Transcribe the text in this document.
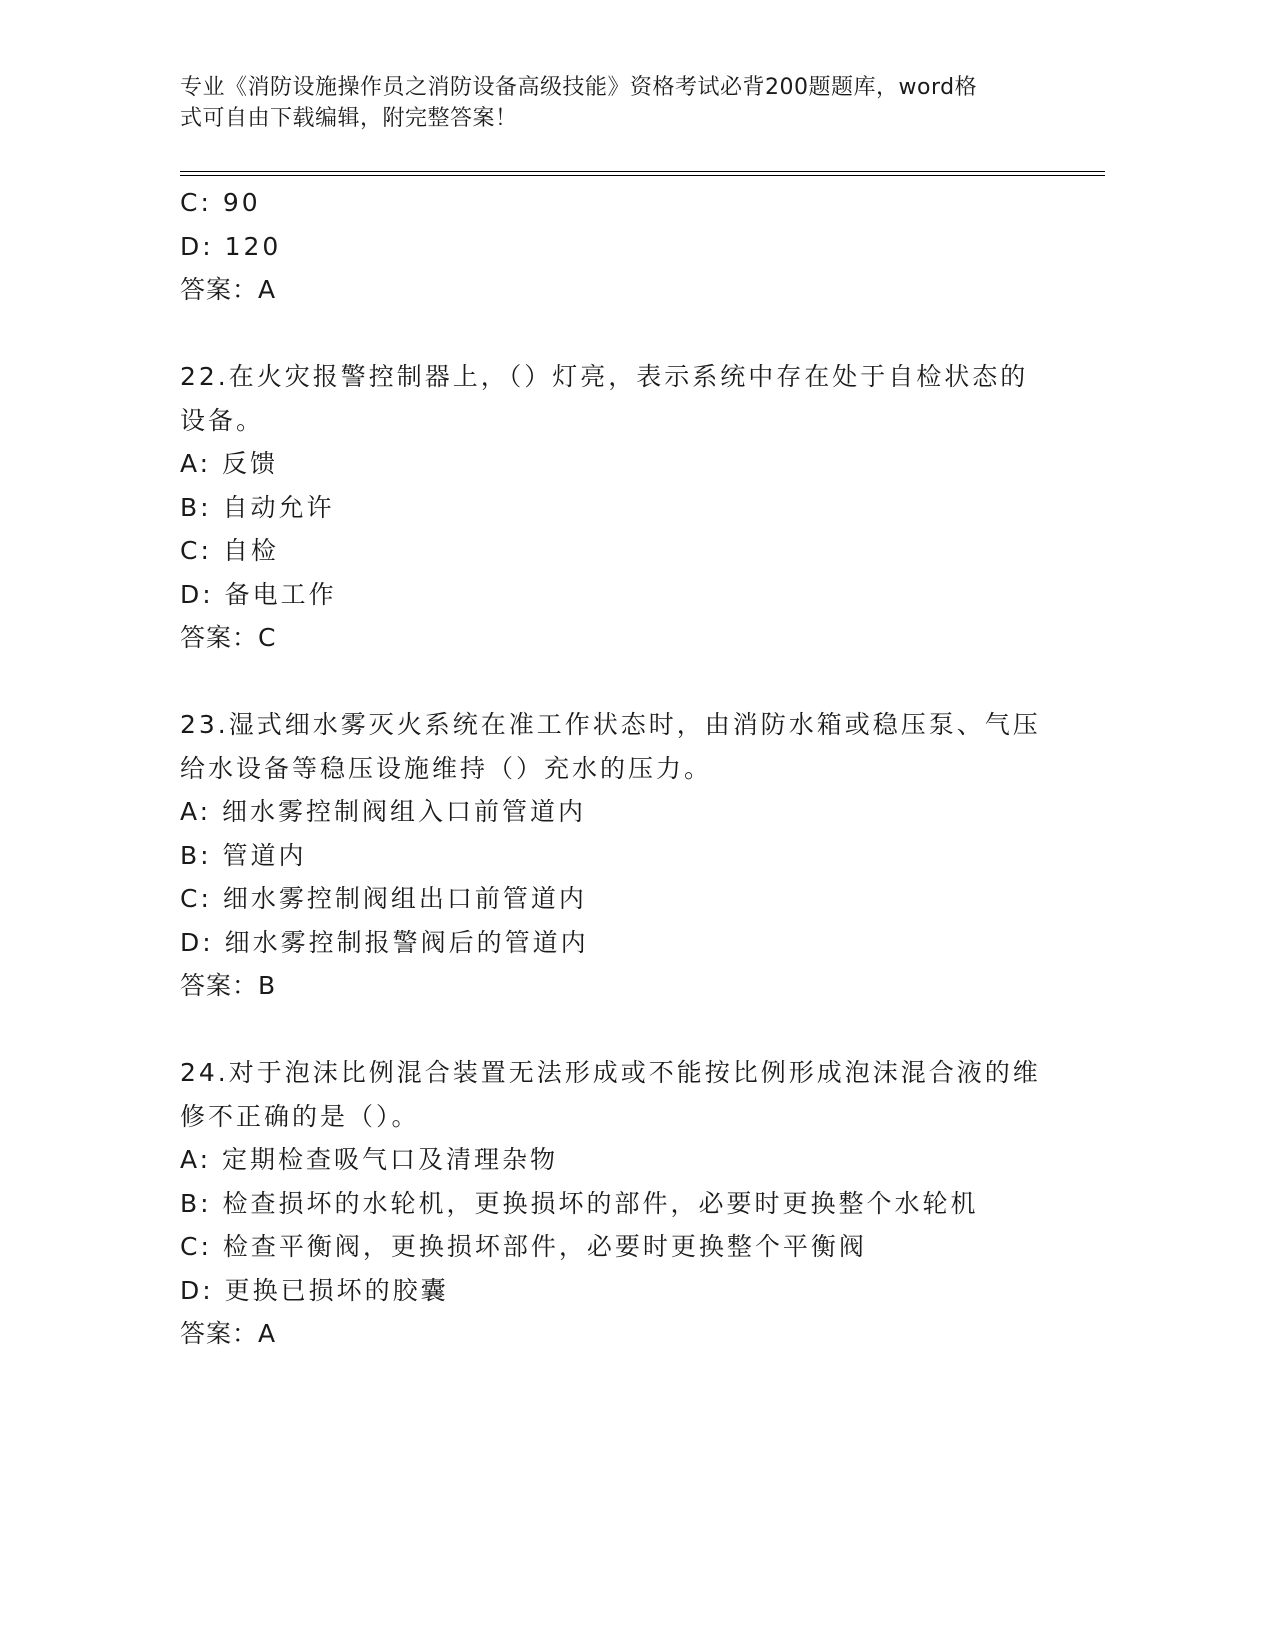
专业《消防设施操作员之消防设备高级技能》资格考试必背200题题库，word格
式可自由下载编辑，附完整答案！
C: 90
D: 120
答案：A
22.在火灾报警控制器上，（）灯亮，表示系统中存在处于自检状态的
设备。
A: 反馈
B: 自动允许
C: 自检
D: 备电工作
答案：C
23.湿式细水雾灭火系统在准工作状态时，由消防水箱或稳压泵、气压
给水设备等稳压设施维持（）充水的压力。
A: 细水雾控制阀组入口前管道内
B: 管道内
C: 细水雾控制阀组出口前管道内
D: 细水雾控制报警阀后的管道内
答案：B
24.对于泡沫比例混合装置无法形成或不能按比例形成泡沫混合液的维
修不正确的是（）。
A: 定期检查吸气口及清理杂物
B: 检查损坏的水轮机，更换损坏的部件，必要时更换整个水轮机
C: 检查平衡阀，更换损坏部件，必要时更换整个平衡阀
D: 更换已损坏的胶囊
答案：A
